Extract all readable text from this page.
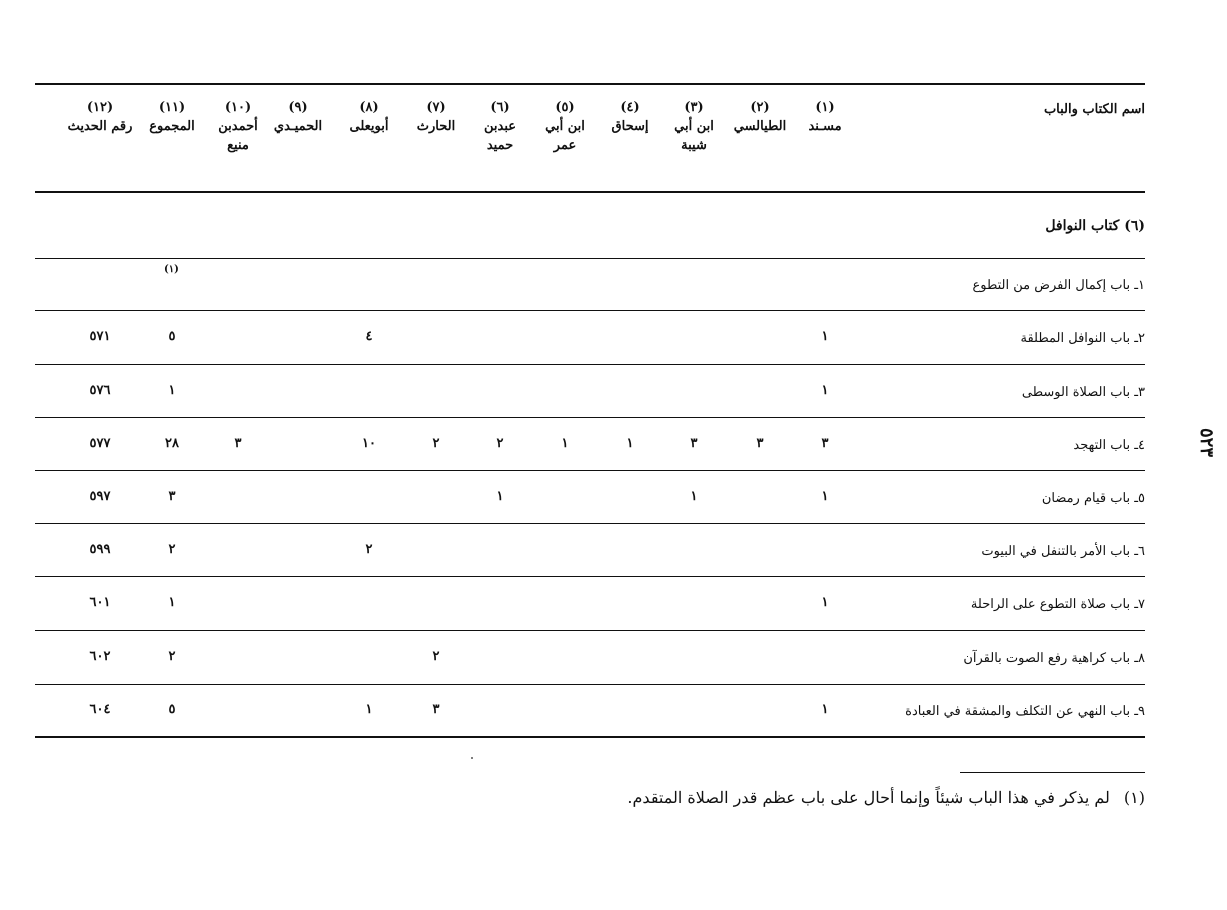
٥٢٣
اسم الكتاب والباب
(١)
مسـند
(٢)
الطيالسي
(٣)
ابن أبي
شيبة
(٤)
إسحاق
(٥)
ابن أبي
عمر
(٦)
عبدبن
حميد
(٧)
الحارث
(٨)
أبويعلى
(٩)
الحميـدي
(١٠)
أحمدبن
منيع
(١١)
المجموع
(١٢)
رقم الحديث
(٦) كتاب النوافل
١ـ باب إكمال الفرض من التطوع
(١)
٢ـ باب النوافل المطلقة
١
٤
٥
٥٧١
٣ـ باب الصلاة الوسطى
١
١
٥٧٦
٤ـ باب التهجد
٣
٣
٣
١
١
٢
٢
١٠
٣
٢٨
٥٧٧
٥ـ باب قيام رمضان
١
١
١
٣
٥٩٧
٦ـ باب الأمر بالتنفل في البيوت
٢
٢
٥٩٩
٧ـ باب صلاة التطوع على الراحلة
١
١
٦٠١
٨ـ باب كراهية رفع الصوت بالقرآن
٢
٢
٦٠٢
٩ـ باب النهي عن التكلف والمشقة في العبادة
١
٣
١
٥
٦٠٤
(١)لم يذكر في هذا الباب شيئاً وإنما أحال على باب عظم قدر الصلاة المتقدم.
